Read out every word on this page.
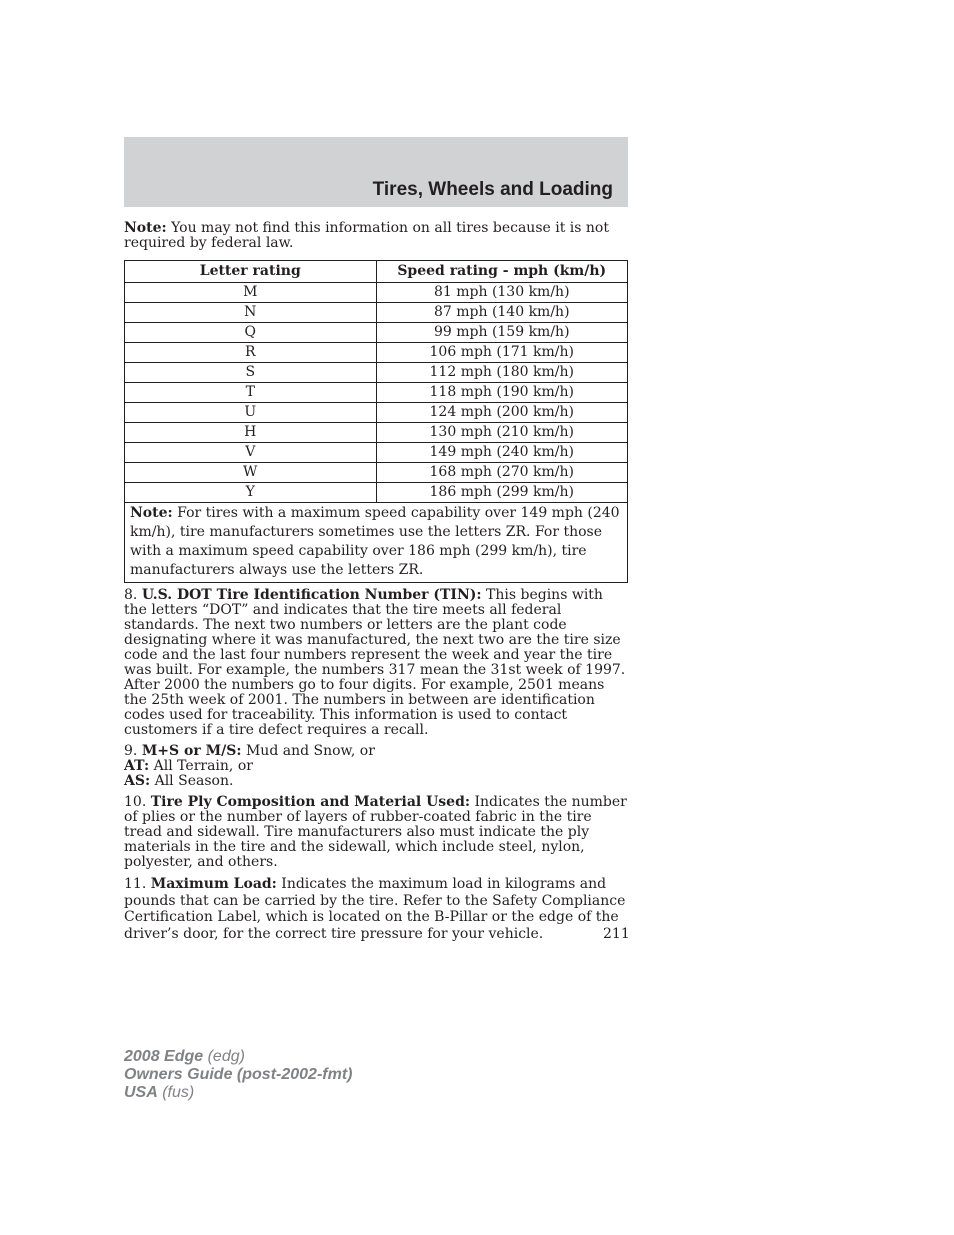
Tires, Wheels and Loading

Note: You may not find this information on all tires because it is not required by federal law.

Letter rating	Speed rating - mph (km/h)
M	81 mph (130 km/h)
N	87 mph (140 km/h)
Q	99 mph (159 km/h)
R	106 mph (171 km/h)
S	112 mph (180 km/h)
T	118 mph (190 km/h)
U	124 mph (200 km/h)
H	130 mph (210 km/h)
V	149 mph (240 km/h)
W	168 mph (270 km/h)
Y	186 mph (299 km/h)
Note: For tires with a maximum speed capability over 149 mph (240 km/h), tire manufacturers sometimes use the letters ZR. For those with a maximum speed capability over 186 mph (299 km/h), tire manufacturers always use the letters ZR.	

8. U.S. DOT Tire Identification Number (TIN): This begins with the letters “DOT” and indicates that the tire meets all federal standards. The next two numbers or letters are the plant code designating where it was manufactured, the next two are the tire size code and the last four numbers represent the week and year the tire was built. For example, the numbers 317 mean the 31st week of 1997. After 2000 the numbers go to four digits. For example, 2501 means the 25th week of 2001. The numbers in between are identification codes used for traceability. This information is used to contact customers if a tire defect requires a recall.

9. M+S or M/S: Mud and Snow, or
AT: All Terrain, or
AS: All Season.

10. Tire Ply Composition and Material Used: Indicates the number of plies or the number of layers of rubber-coated fabric in the tire tread and sidewall. Tire manufacturers also must indicate the ply materials in the tire and the sidewall, which include steel, nylon, polyester, and others.

11. Maximum Load: Indicates the maximum load in kilograms and pounds that can be carried by the tire. Refer to the Safety Compliance Certification Label, which is located on the B-Pillar or the edge of the driver’s door, for the correct tire pressure for your vehicle.	211
2008 Edge (edg)
Owners Guide (post-2002-fmt)
USA (fus)
